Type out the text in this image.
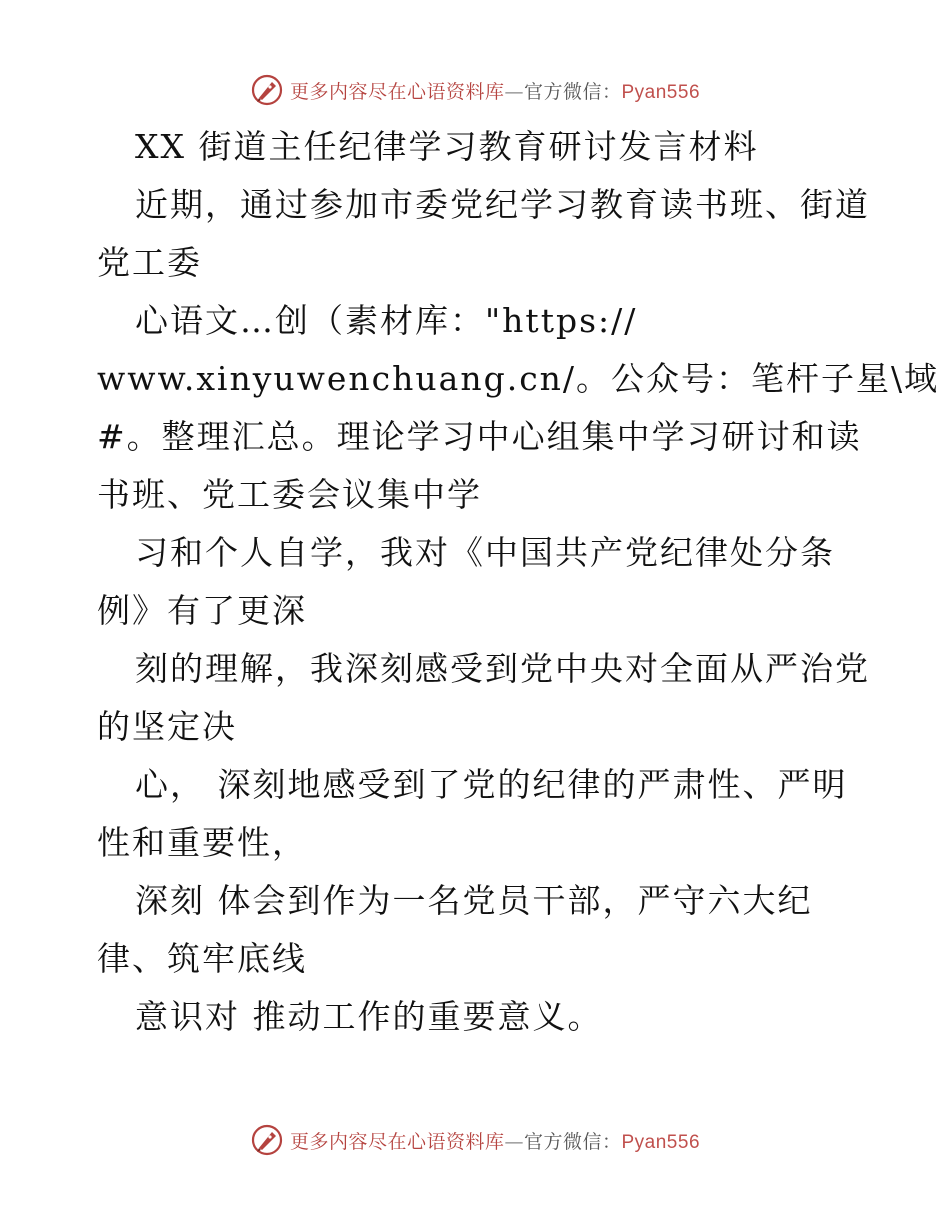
更多内容尽在心语资料库—官方微信：Pyan556
XX 街道主任纪律学习教育研讨发言材料
近期，通过参加市委党纪学习教育读书班、街道
党工委
心语文…创（素材库："https://
www.xinyuwenchuang.cn/。公众号：笔杆子星\域
#。整理汇总。理论学习中心组集中学习研讨和读
书班、党工委会议集中学
习和个人自学，我对《中国共产党纪律处分条
例》有了更深
刻的理解，我深刻感受到党中央对全面从严治党
的坚定决
心， 深刻地感受到了党的纪律的严肃性、严明
性和重要性，
深刻 体会到作为一名党员干部，严守六大纪
律、筑牢底线
意识对 推动工作的重要意义。
更多内容尽在心语资料库—官方微信：Pyan556
